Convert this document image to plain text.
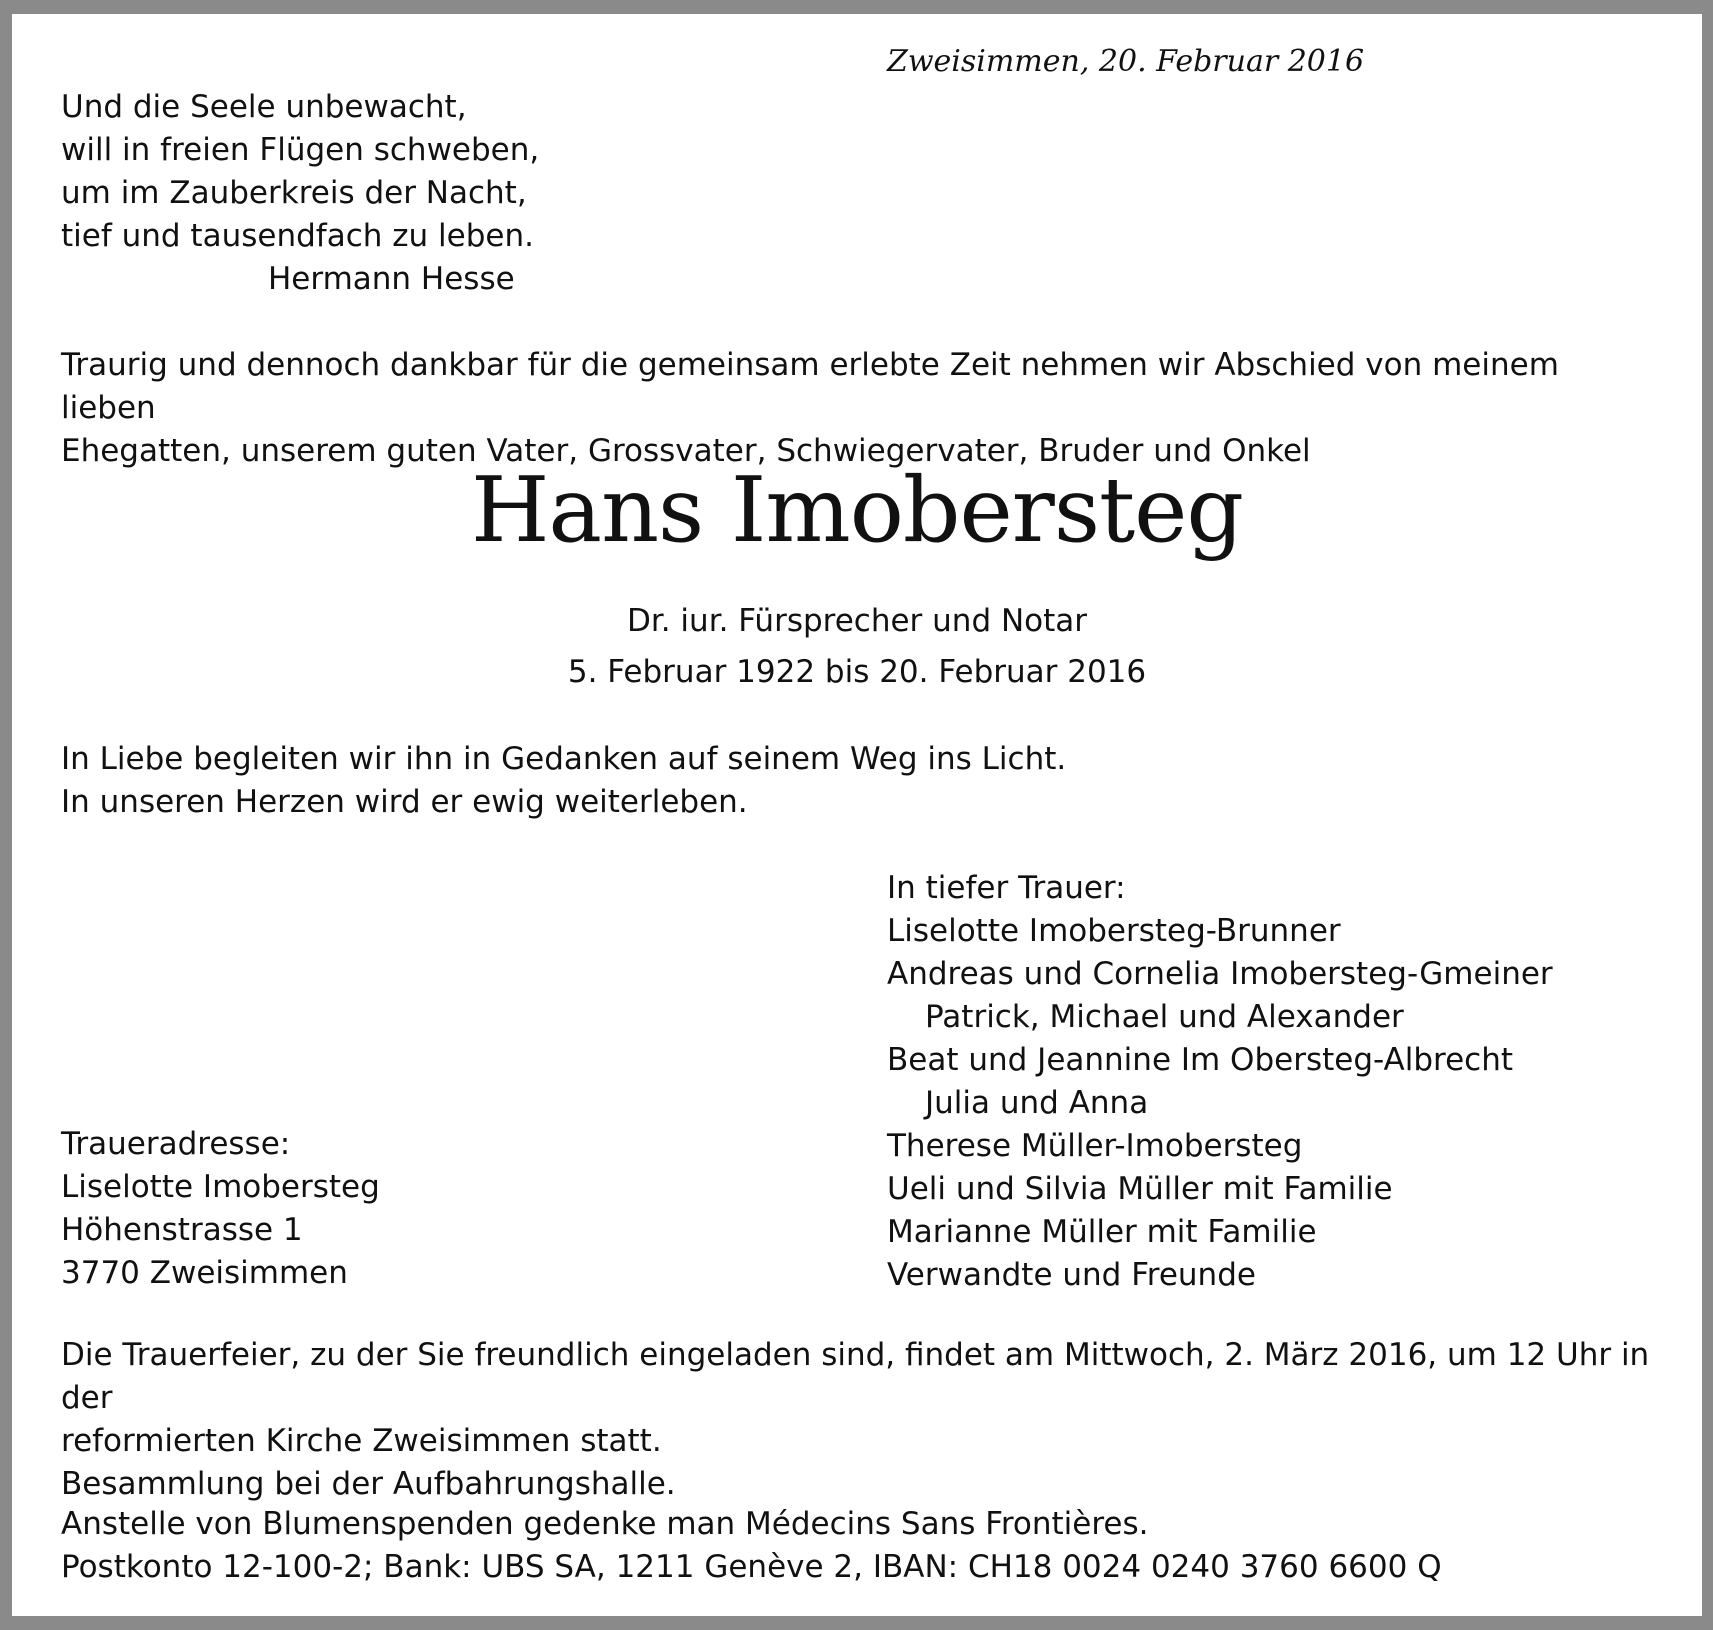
Zweisimmen, 20. Februar 2016
Und die Seele unbewacht,
will in freien Flügen schweben,
um im Zauberkreis der Nacht,
tief und tausendfach zu leben.
Hermann Hesse
Traurig und dennoch dankbar für die gemeinsam erlebte Zeit nehmen wir Abschied von meinem lieben
Ehegatten, unserem guten Vater, Grossvater, Schwiegervater, Bruder und Onkel
Hans Imobersteg
Dr. iur. Fürsprecher und Notar
5. Februar 1922 bis 20. Februar 2016
In Liebe begleiten wir ihn in Gedanken auf seinem Weg ins Licht.
In unseren Herzen wird er ewig weiterleben.
In tiefer Trauer:
Liselotte Imobersteg-Brunner
Andreas und Cornelia Imobersteg-Gmeiner
Patrick, Michael und Alexander
Beat und Jeannine Im Obersteg-Albrecht
Julia und Anna
Therese Müller-Imobersteg
Ueli und Silvia Müller mit Familie
Marianne Müller mit Familie
Verwandte und Freunde
Traueradresse:
Liselotte Imobersteg
Höhenstrasse 1
3770 Zweisimmen
Die Trauerfeier, zu der Sie freundlich eingeladen sind, findet am Mittwoch, 2. März 2016, um 12 Uhr in der
reformierten Kirche Zweisimmen statt.
Besammlung bei der Aufbahrungshalle.
Anstelle von Blumenspenden gedenke man Médecins Sans Frontières.
Postkonto 12-100-2; Bank: UBS SA, 1211 Genève 2, IBAN: CH18 0024 0240 3760 6600 Q
